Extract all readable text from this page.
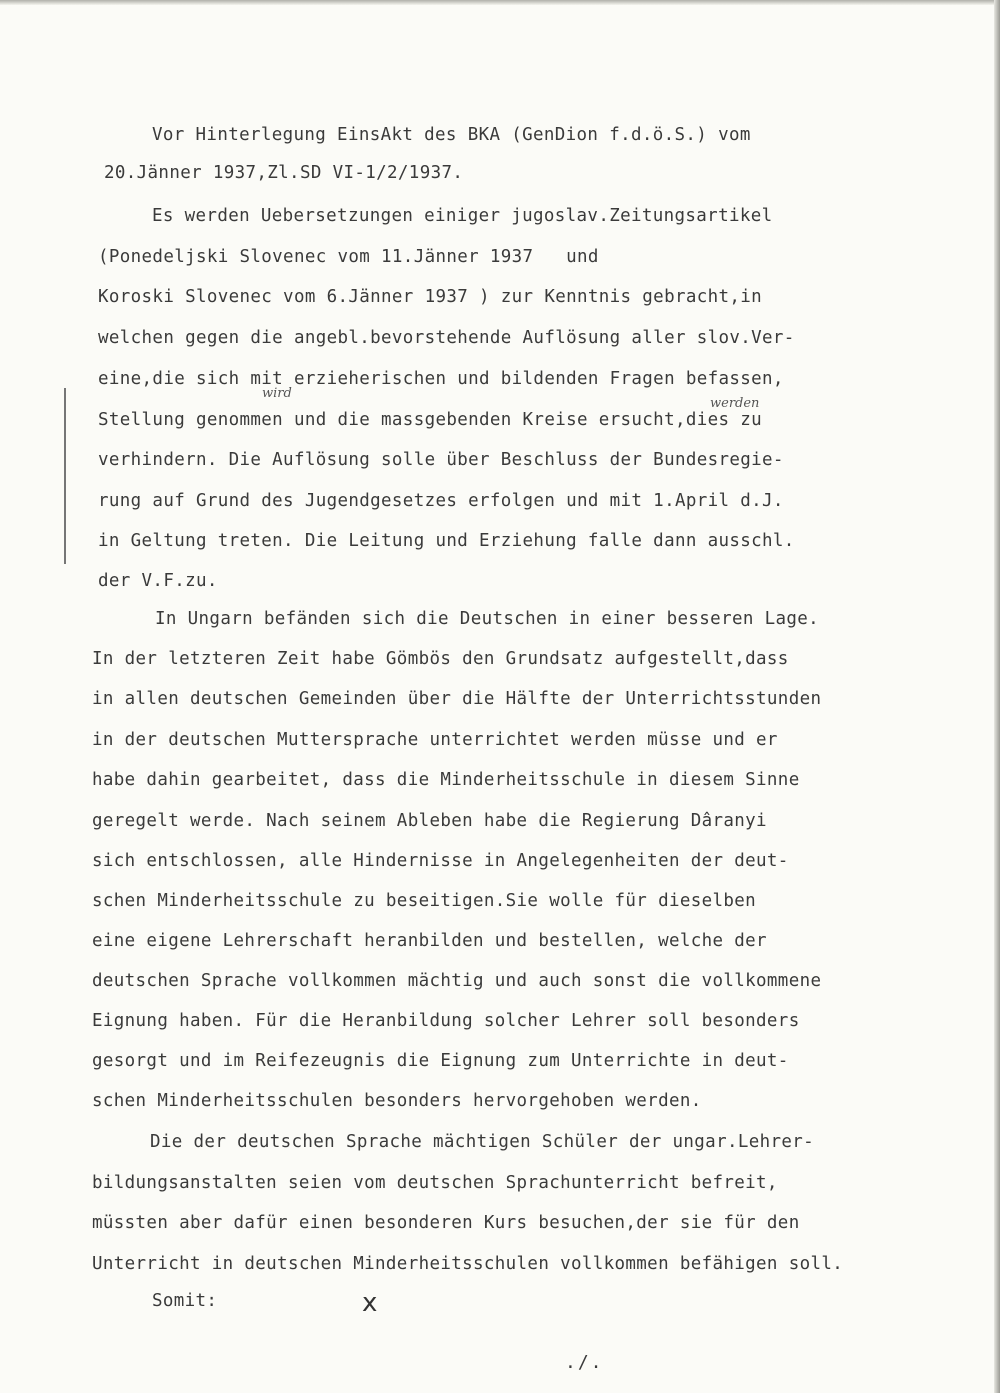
Vor Hinterlegung EinsAkt des BKA (GenDion f.d.ö.S.) vom
20.Jänner 1937,Zl.SD VI-1/2/1937.
Es werden Uebersetzungen einiger jugoslav.Zeitungsartikel
(Ponedeljski Slovenec vom 11.Jänner 1937   und
Koroski Slovenec vom 6.Jänner 1937 ) zur Kenntnis gebracht,in
welchen gegen die angebl.bevorstehende Auflösung aller slov.Ver-
eine,die sich mit erzieherischen und bildenden Fragen befassen,
Stellung genommen und die massgebenden Kreise ersucht,dies zu
verhindern. Die Auflösung solle über Beschluss der Bundesregie-
rung auf Grund des Jugendgesetzes erfolgen und mit 1.April d.J.
in Geltung treten. Die Leitung und Erziehung falle dann ausschl.
der V.F.zu.
wird
werden
In Ungarn befänden sich die Deutschen in einer besseren Lage.
In der letzteren Zeit habe Gömbös den Grundsatz aufgestellt,dass
in allen deutschen Gemeinden über die Hälfte der Unterrichtsstunden
in der deutschen Muttersprache unterrichtet werden müsse und er
habe dahin gearbeitet, dass die Minderheitsschule in diesem Sinne
geregelt werde. Nach seinem Ableben habe die Regierung Dâranyi
sich entschlossen, alle Hindernisse in Angelegenheiten der deut-
schen Minderheitsschule zu beseitigen.Sie wolle für dieselben
eine eigene Lehrerschaft heranbilden und bestellen, welche der
deutschen Sprache vollkommen mächtig und auch sonst die vollkommene
Eignung haben. Für die Heranbildung solcher Lehrer soll besonders
gesorgt und im Reifezeugnis die Eignung zum Unterrichte in deut-
schen Minderheitsschulen besonders hervorgehoben werden.
Die der deutschen Sprache mächtigen Schüler der ungar.Lehrer-
bildungsanstalten seien vom deutschen Sprachunterricht befreit,
müssten aber dafür einen besonderen Kurs besuchen,der sie für den
Unterricht in deutschen Minderheitsschulen vollkommen befähigen soll.
Somit:	x
./.
